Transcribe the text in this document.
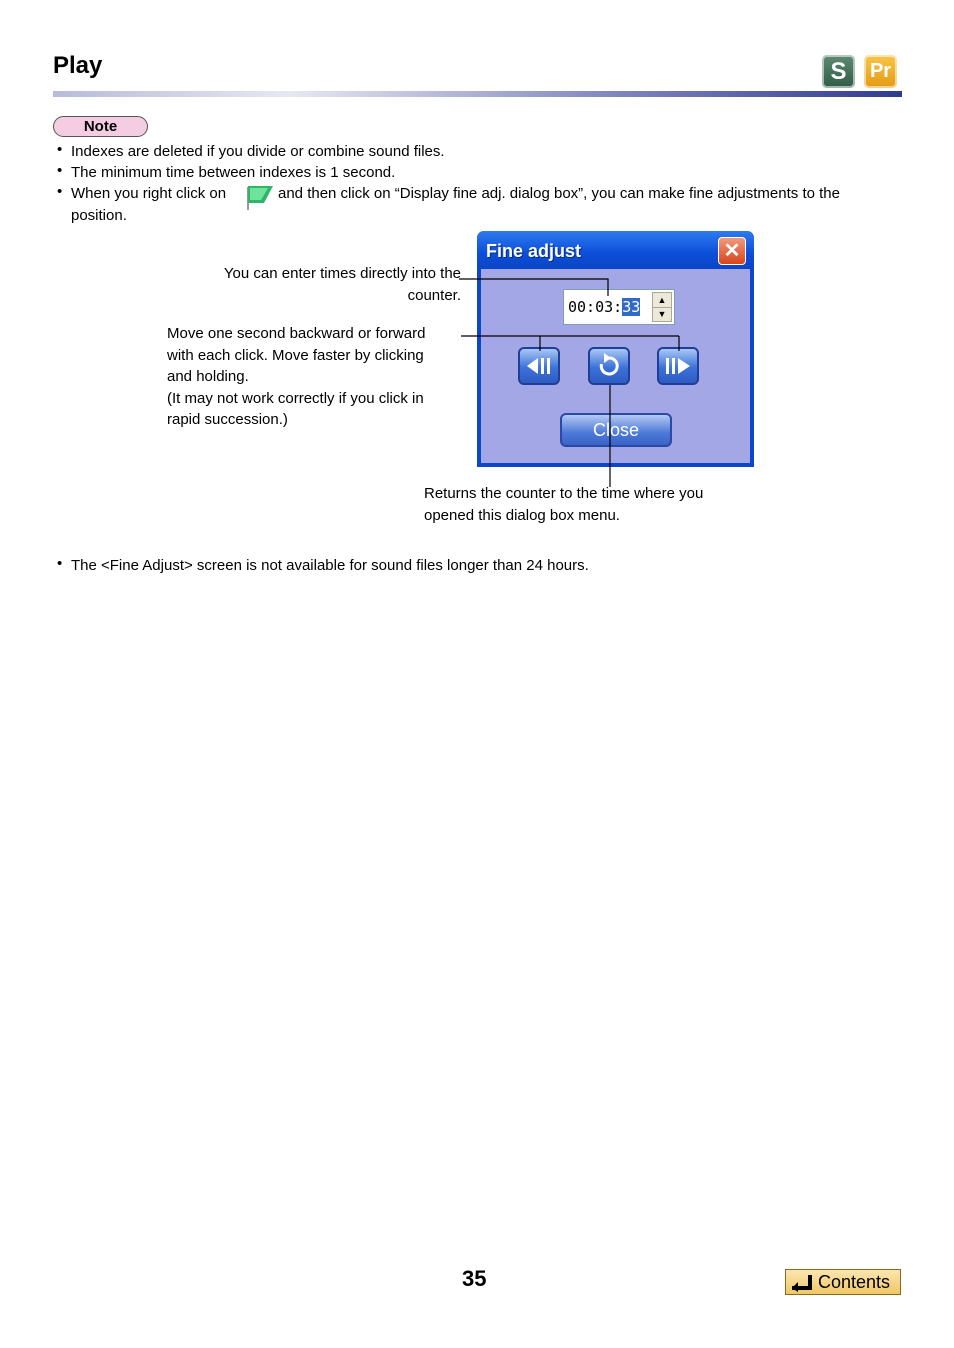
Play	S	Pr
Note
• Indexes are deleted if you divide or combine sound files.
• The minimum time between indexes is 1 second.
• When you right click on	and then click on “Display fine adj. dialog box”, you can make fine adjustments to the
position.
Fine adjust	✕
00:03:33	▲
▼
Close
You can enter times directly into the
counter.
Move one second backward or forward
with each click. Move faster by clicking
and holding.
(It may not work correctly if you click in
rapid succession.)
Returns the counter to the time where you
opened this dialog box menu.
• The <Fine Adjust> screen is not available for sound files longer than 24 hours.
35	Contents
